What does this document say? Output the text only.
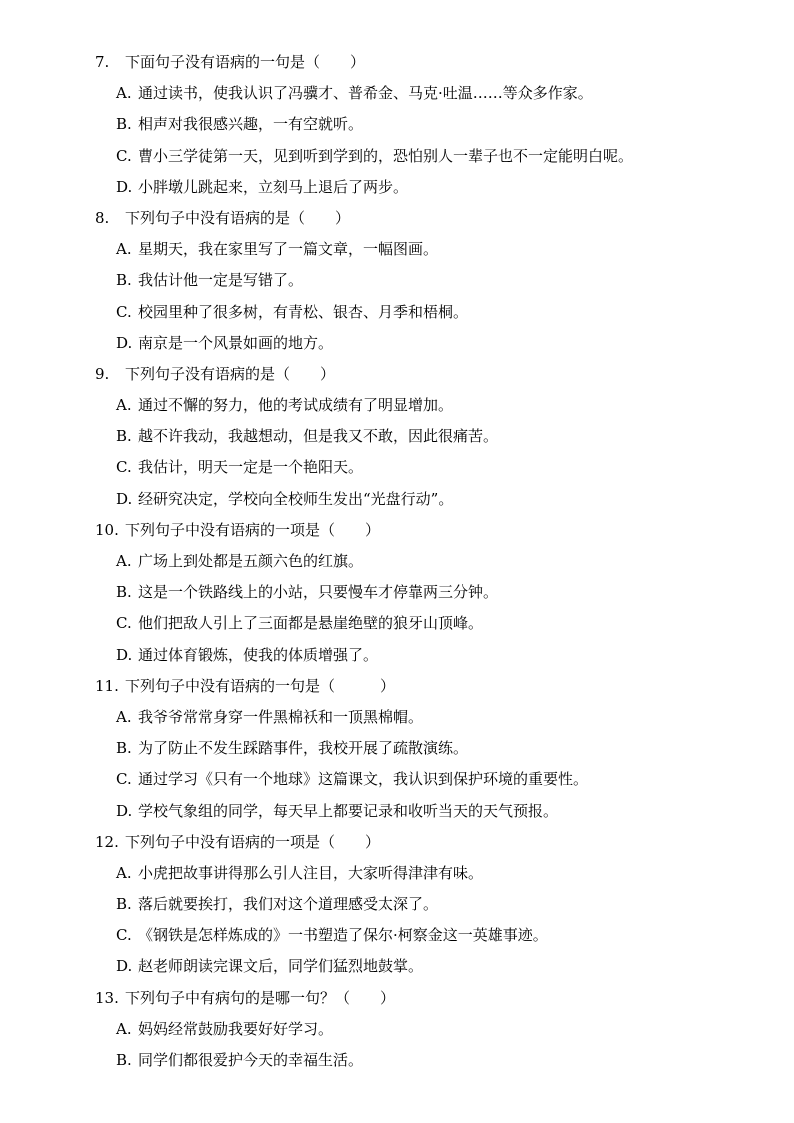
7. 下面句子没有语病的一句是（　　）
A. 通过读书，使我认识了冯骥才、普希金、马克·吐温……等众多作家。
B. 相声对我很感兴趣，一有空就听。
C. 曹小三学徒第一天，见到听到学到的，恐怕别人一辈子也不一定能明白呢。
D. 小胖墩儿跳起来，立刻马上退后了两步。
8. 下列句子中没有语病的是（　　）
A. 星期天，我在家里写了一篇文章，一幅图画。
B. 我估计他一定是写错了。
C. 校园里种了很多树，有青松、银杏、月季和梧桐。
D. 南京是一个风景如画的地方。
9. 下列句子没有语病的是（　　）
A. 通过不懈的努力，他的考试成绩有了明显增加。
B. 越不许我动，我越想动，但是我又不敢，因此很痛苦。
C. 我估计，明天一定是一个艳阳天。
D. 经研究决定，学校向全校师生发出“光盘行动”。
10. 下列句子中没有语病的一项是（　　）
A. 广场上到处都是五颜六色的红旗。
B. 这是一个铁路线上的小站，只要慢车才停靠两三分钟。
C. 他们把敌人引上了三面都是悬崖绝壁的狼牙山顶峰。
D. 通过体育锻炼，使我的体质增强了。
11. 下列句子中没有语病的一句是（　　　）
A. 我爷爷常常身穿一件黑棉袄和一顶黑棉帽。
B. 为了防止不发生踩踏事件，我校开展了疏散演练。
C. 通过学习《只有一个地球》这篇课文，我认识到保护环境的重要性。
D. 学校气象组的同学，每天早上都要记录和收听当天的天气预报。
12. 下列句子中没有语病的一项是（　　）
A. 小虎把故事讲得那么引人注目，大家听得津津有味。
B. 落后就要挨打，我们对这个道理感受太深了。
C. 《钢铁是怎样炼成的》一书塑造了保尔·柯察金这一英雄事迹。
D. 赵老师朗读完课文后，同学们猛烈地鼓掌。
13. 下列句子中有病句的是哪一句？（　　）
A. 妈妈经常鼓励我要好好学习。
B. 同学们都很爱护今天的幸福生活。
